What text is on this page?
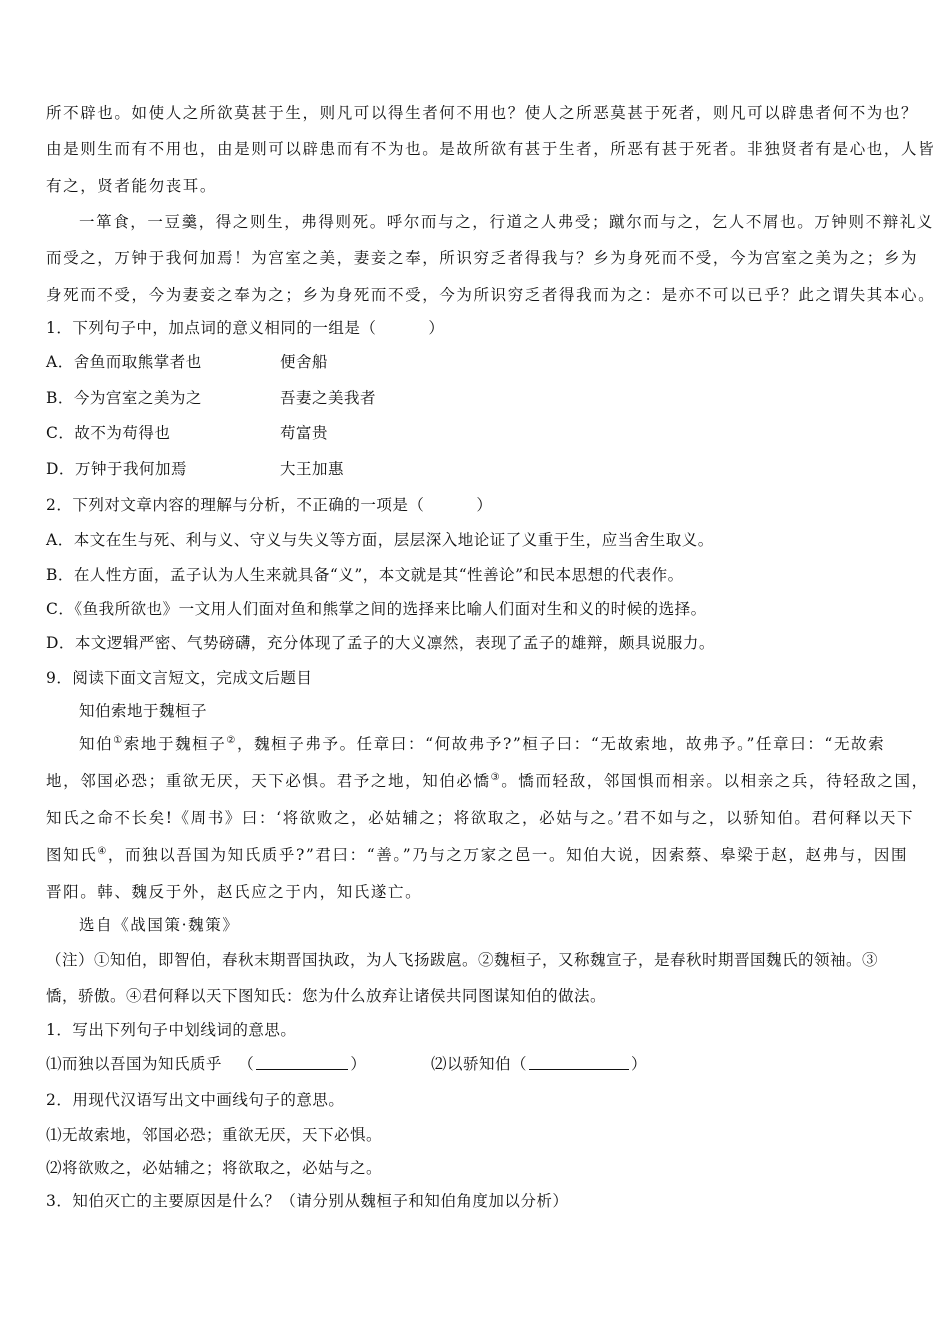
所不辟也。如使人之所欲莫甚于生，则凡可以得生者何不用也？使人之所恶莫甚于死者，则凡可以辟患者何不为也？
由是则生而有不用也，由是则可以辟患而有不为也。是故所欲有甚于生者，所恶有甚于死者。非独贤者有是心也，人皆
有之，贤者能勿丧耳。
一箪食，一豆羹，得之则生，弗得则死。呼尔而与之，行道之人弗受；蹴尔而与之，乞人不屑也。万钟则不辩礼义
而受之，万钟于我何加焉！为宫室之美，妻妾之奉，所识穷乏者得我与？乡为身死而不受，今为宫室之美为之；乡为
身死而不受，今为妻妾之奉为之；乡为身死而不受，今为所识穷乏者得我而为之：是亦不可以已乎？此之谓失其本心。
1．下列句子中，加点词的意义相同的一组是（	）
A．舍鱼而取熊掌者也	便舍船
B．今为宫室之美为之	吾妻之美我者
C．故不为苟得也	苟富贵
D．万钟于我何加焉	大王加惠
2．下列对文章内容的理解与分析，不正确的一项是（	）
A．本文在生与死、利与义、守义与失义等方面，层层深入地论证了义重于生，应当舍生取义。
B．在人性方面，孟子认为人生来就具备“义”，本文就是其“性善论”和民本思想的代表作。
C．《鱼我所欲也》一文用人们面对鱼和熊掌之间的选择来比喻人们面对生和义的时候的选择。
D．本文逻辑严密、气势磅礴，充分体现了孟子的大义凛然，表现了孟子的雄辩，颇具说服力。
9．阅读下面文言短文，完成文后题目
知伯索地于魏桓子
知伯①索地于魏桓子②，魏桓子弗予。任章曰：“何故弗予?”桓子曰：“无故索地，故弗予。”任章曰：“无故索
地，邻国必恐；重欲无厌，天下必惧。君予之地，知伯必憍③。憍而轻敌，邻国惧而相亲。以相亲之兵，待轻敌之国，
知氏之命不长矣!《周书》曰：‘将欲败之，必姑辅之；将欲取之，必姑与之。’君不如与之，以骄知伯。君何释以天下
图知氏④，而独以吾国为知氏质乎?”君曰：“善。”乃与之万家之邑一。知伯大说，因索蔡、皋梁于赵，赵弗与，因围
晋阳。韩、魏反于外，赵氏应之于内，知氏遂亡。
选自《战国策·魏策》
（注）①知伯，即智伯，春秋末期晋国执政，为人飞扬跋扈。②魏桓子，又称魏宣子，是春秋时期晋国魏氏的领袖。③
憍，骄傲。④君何释以天下图知氏：您为什么放弃让诸侯共同图谋知伯的做法。
1．写出下列句子中划线词的意思。
⑴而独以吾国为知氏质乎 （	）	⑵以骄知伯（	）
2．用现代汉语写出文中画线句子的意思。
⑴无故索地，邻国必恐；重欲无厌，天下必惧。
⑵将欲败之，必姑辅之；将欲取之，必姑与之。
3．知伯灭亡的主要原因是什么？（请分别从魏桓子和知伯角度加以分析）
